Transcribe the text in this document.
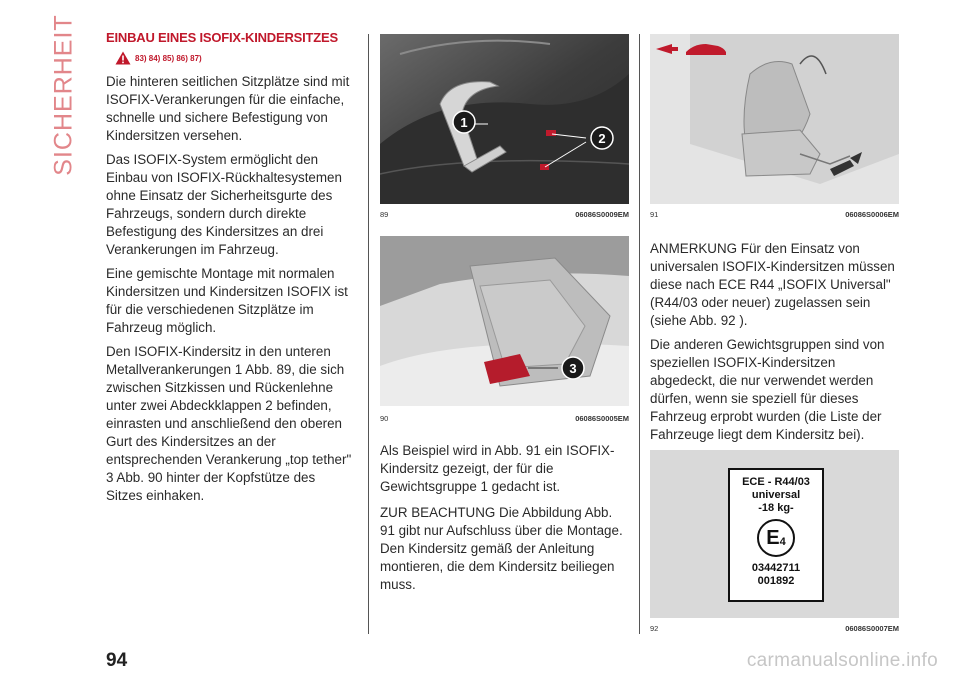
SICHERHEIT EINBAU EINES ISOFIX-KINDERSITZES
83) 84) 85) 86) 87)

Die hinteren seitlichen Sitzplätze sind mit ISOFIX-Verankerungen für die einfache, schnelle und sichere Befestigung von Kindersitzen versehen.

Das ISOFIX-System ermöglicht den Einbau von ISOFIX-Rückhaltesystemen ohne Einsatz der Sicherheitsgurte des Fahrzeugs, sondern durch direkte Befestigung des Kindersitzes an drei Verankerungen im Fahrzeug.

Eine gemischte Montage mit normalen Kindersitzen und Kindersitzen ISOFIX ist für die verschiedenen Sitzplätze im Fahrzeug möglich.

Den ISOFIX-Kindersitz in den unteren Metallverankerungen 1 Abb. 89, die sich zwischen Sitzkissen und Rückenlehne unter zwei Abdeckklappen 2 befinden, einrasten und anschließend den oberen Gurt des Kindersitzes an der entsprechenden Verankerung „top tether" 3 Abb. 90 hinter der Kopfstütze des Sitzes einhaken.

1
2
89	06086S0009EM
3
90	06086S0005EM

Als Beispiel wird in Abb. 91 ein ISOFIX-Kindersitz gezeigt, der für die Gewichtsgruppe 1 gedacht ist.

ZUR BEACHTUNG Die Abbildung Abb. 91 gibt nur Aufschluss über die Montage. Den Kindersitz gemäß der Anleitung montieren, die dem Kindersitz beiliegen muss.

91	06086S0006EM

ANMERKUNG Für den Einsatz von universalen ISOFIX-Kindersitzen müssen diese nach ECE R44 „ISOFIX Universal" (R44/03 oder neuer) zugelassen sein (siehe Abb. 92 ).

Die anderen Gewichtsgruppen sind von speziellen ISOFIX-Kindersitzen abgedeckt, die nur verwendet werden dürfen, wenn sie speziell für dieses Fahrzeug erprobt wurden (die Liste der Fahrzeuge liegt dem Kindersitz bei).

ECE - R44/03
universal
-18 kg-
E 4
03442711
001892
92	06086S0007EM
94	carmanualsonline.info
